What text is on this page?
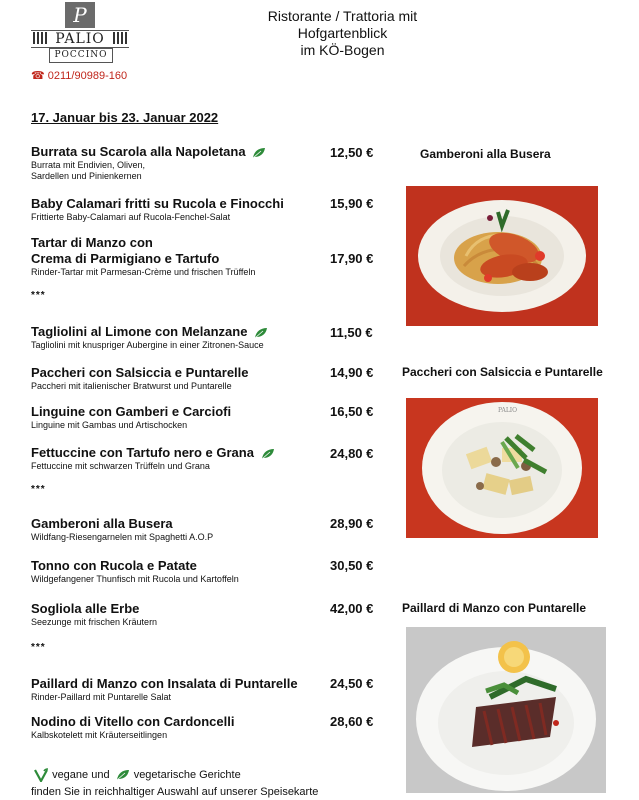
P
PALIO
POCCINO
☎ 0211/90989-160
Ristorante / Trattoria mit
Hofgartenblick
im KÖ-Bogen
17. Januar bis 23. Januar 2022
Burrata su Scarola alla Napoletana
Burrata mit Endivien, Oliven,
Sardellen und Pinienkernen
12,50 €
Baby Calamari fritti su Rucola e Finocchi
Frittierte Baby-Calamari auf Rucola-Fenchel-Salat
15,90 €
Tartar di Manzo con
Crema di Parmigiano e Tartufo
Rinder-Tartar mit Parmesan-Crème und frischen Trüffeln
17,90 €
***
Tagliolini al Limone con Melanzane
Tagliolini mit knuspriger Aubergine in einer Zitronen-Sauce
11,50 €
Paccheri con Salsiccia e Puntarelle
Paccheri mit italienischer Bratwurst und Puntarelle
14,90 €
Linguine con Gamberi e Carciofi
Linguine mit Gambas und Artischocken
16,50 €
Fettuccine con Tartufo nero e Grana
Fettuccine mit schwarzen Trüffeln und Grana
24,80 €
***
Gamberoni alla Busera
Wildfang-Riesengarnelen mit Spaghetti A.O.P
28,90 €
Tonno con Rucola e Patate
Wildgefangener Thunfisch mit Rucola und Kartoffeln
30,50 €
Sogliola alle Erbe
Seezunge mit frischen Kräutern
42,00 €
***
Paillard di Manzo con Insalata di Puntarelle
Rinder-Paillard mit Puntarelle Salat
24,50 €
Nodino di Vitello con Cardoncelli
Kalbskotelett mit Kräuterseitlingen
28,60 €
Gamberoni alla Busera
Paccheri con Salsiccia e Puntarelle
PALIO
Paillard di Manzo con Puntarelle
vegane und vegetarische Gerichte
finden Sie in reichhaltiger Auswahl auf unserer Speisekarte
